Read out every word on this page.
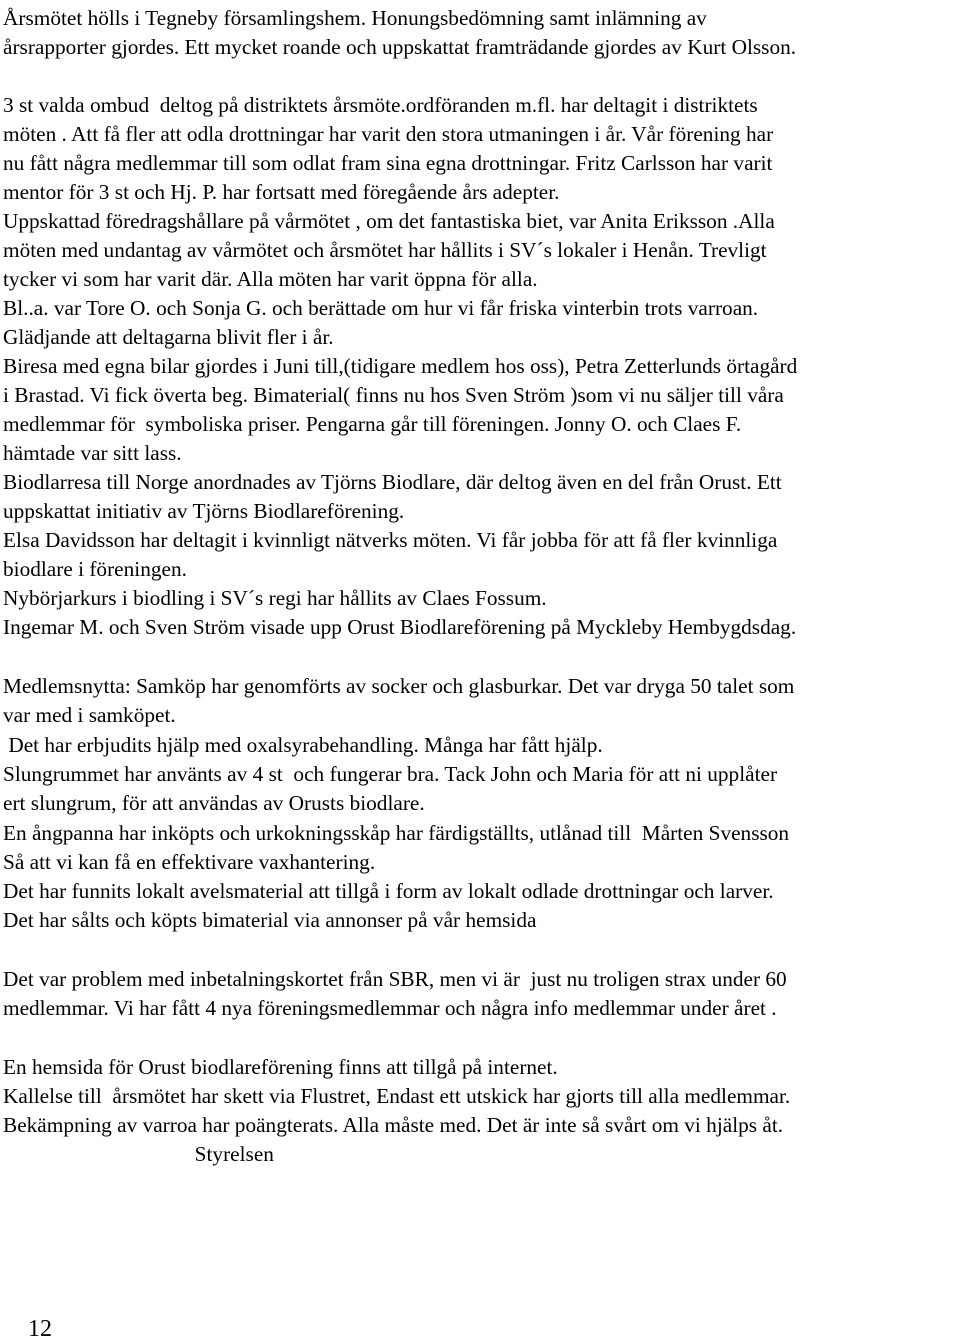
Årsmötet hölls i Tegneby församlingshem. Honungsbedömning samt inlämning av
årsrapporter gjordes. Ett mycket roande och uppskattat framträdande gjordes av Kurt Olsson.
3 st valda ombud  deltog på distriktets årsmöte.ordföranden m.fl. har deltagit i distriktets
möten . Att få fler att odla drottningar har varit den stora utmaningen i år. Vår förening har
nu fått några medlemmar till som odlat fram sina egna drottningar. Fritz Carlsson har varit
mentor för 3 st och Hj. P. har fortsatt med föregående års adepter.
Uppskattad föredragshållare på vårmötet , om det fantastiska biet, var Anita Eriksson .Alla
möten med undantag av vårmötet och årsmötet har hållits i SV´s lokaler i Henån. Trevligt
tycker vi som har varit där. Alla möten har varit öppna för alla.
Bl..a. var Tore O. och Sonja G. och berättade om hur vi får friska vinterbin trots varroan.
Glädjande att deltagarna blivit fler i år.
Biresa med egna bilar gjordes i Juni till,(tidigare medlem hos oss), Petra Zetterlunds örtagård
i Brastad. Vi fick överta beg. Bimaterial( finns nu hos Sven Ström )som vi nu säljer till våra
medlemmar för  symboliska priser. Pengarna går till föreningen. Jonny O. och Claes F.
hämtade var sitt lass.
Biodlarresa till Norge anordnades av Tjörns Biodlare, där deltog även en del från Orust. Ett
uppskattat initiativ av Tjörns Biodlareförening.
Elsa Davidsson har deltagit i kvinnligt nätverks möten. Vi får jobba för att få fler kvinnliga
biodlare i föreningen.
Nybörjarkurs i biodling i SV´s regi har hållits av Claes Fossum.
Ingemar M. och Sven Ström visade upp Orust Biodlareförening på Myckleby Hembygdsdag.
Medlemsnytta: Samköp har genomförts av socker och glasburkar. Det var dryga 50 talet som
var med i samköpet.
Det har erbjudits hjälp med oxalsyrabehandling. Många har fått hjälp.
Slungrummet har använts av 4 st  och fungerar bra. Tack John och Maria för att ni upplåter
ert slungrum, för att användas av Orusts biodlare.
En ångpanna har inköpts och urkokningsskåp har färdigställts, utlånad till  Mårten Svensson
Så att vi kan få en effektivare vaxhantering.
Det har funnits lokalt avelsmaterial att tillgå i form av lokalt odlade drottningar och larver.
Det har sålts och köpts bimaterial via annonser på vår hemsida
Det var problem med inbetalningskortet från SBR, men vi är  just nu troligen strax under 60
medlemmar. Vi har fått 4 nya föreningsmedlemmar och några info medlemmar under året .
En hemsida för Orust biodlareförening finns att tillgå på internet.
Kallelse till  årsmötet har skett via Flustret, Endast ett utskick har gjorts till alla medlemmar.
Bekämpning av varroa har poängterats. Alla måste med. Det är inte så svårt om vi hjälps åt.
Styrelsen
12
